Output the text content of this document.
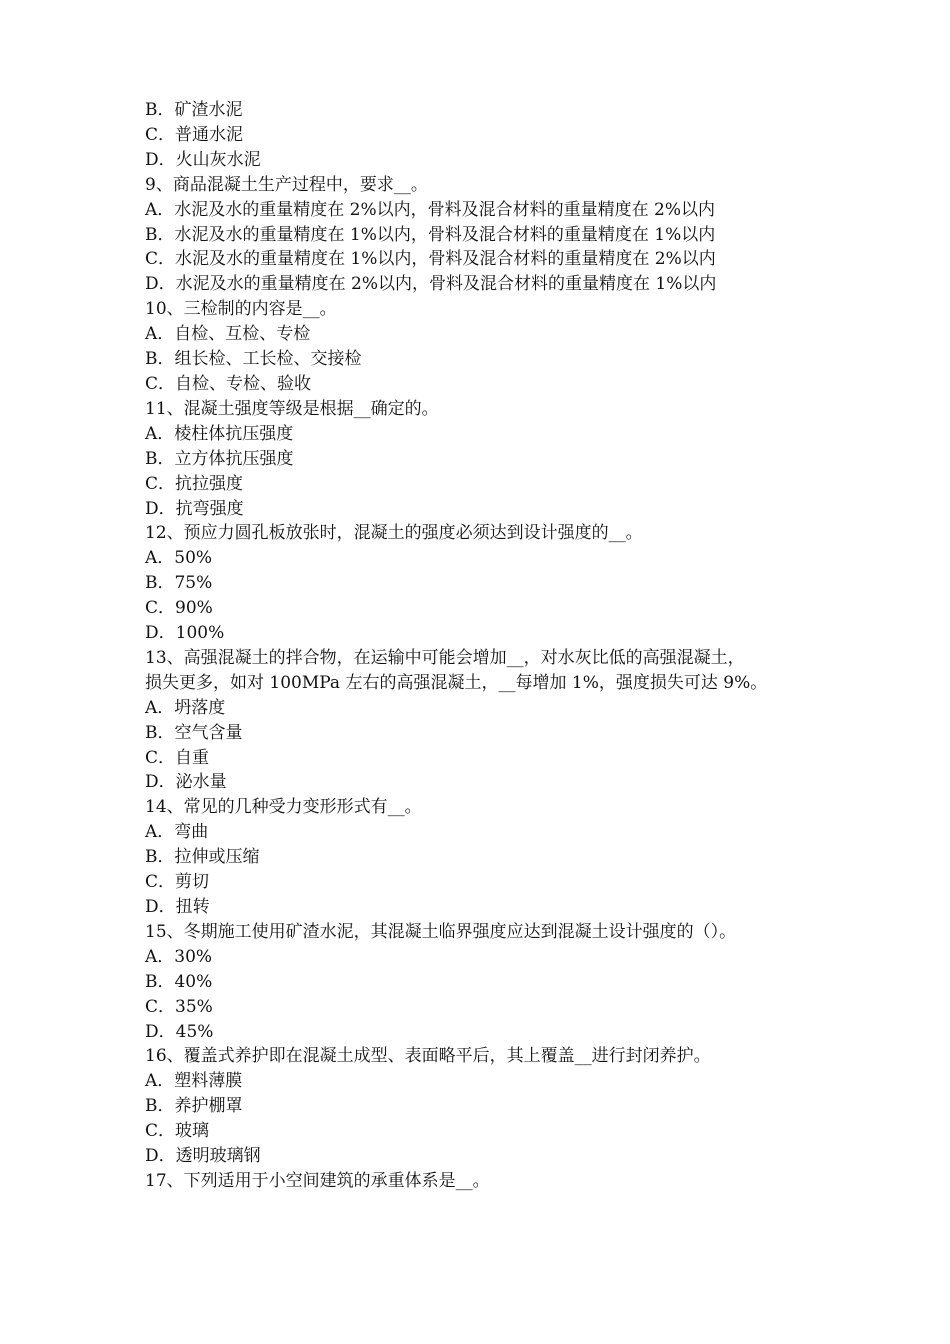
B．矿渣水泥
C．普通水泥
D．火山灰水泥
9、商品混凝土生产过程中，要求__。
A．水泥及水的重量精度在 2%以内，骨料及混合材料的重量精度在 2%以内
B．水泥及水的重量精度在 1%以内，骨料及混合材料的重量精度在 1%以内
C．水泥及水的重量精度在 1%以内，骨料及混合材料的重量精度在 2%以内
D．水泥及水的重量精度在 2%以内，骨料及混合材料的重量精度在 1%以内
10、三检制的内容是__。
A．自检、互检、专检
B．组长检、工长检、交接检
C．自检、专检、验收
11、混凝土强度等级是根据__确定的。
A．棱柱体抗压强度
B．立方体抗压强度
C．抗拉强度
D．抗弯强度
12、预应力圆孔板放张时，混凝土的强度必须达到设计强度的__。
A．50%
B．75%
C．90%
D．100%
13、高强混凝土的拌合物，在运输中可能会增加__，对水灰比低的高强混凝土，
损失更多，如对 100MPa 左右的高强混凝土，__每增加 1%，强度损失可达 9%。
A．坍落度
B．空气含量
C．自重
D．泌水量
14、常见的几种受力变形形式有__。
A．弯曲
B．拉伸或压缩
C．剪切
D．扭转
15、冬期施工使用矿渣水泥，其混凝土临界强度应达到混凝土设计强度的（）。
A．30%
B．40%
C．35%
D．45%
16、覆盖式养护即在混凝土成型、表面略平后，其上覆盖__进行封闭养护。
A．塑料薄膜
B．养护棚罩
C．玻璃
D．透明玻璃钢
17、下列适用于小空间建筑的承重体系是__。
